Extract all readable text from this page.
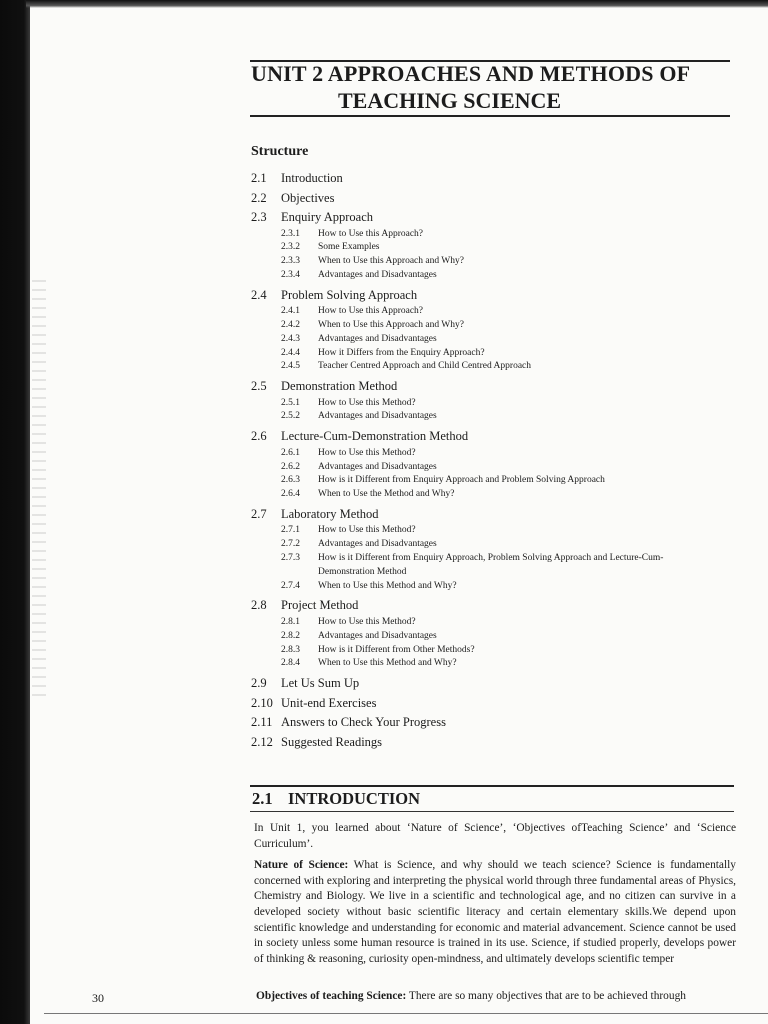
UNIT 2 APPROACHES AND METHODS OF
TEACHING SCIENCE
Structure
2.1 Introduction
2.2 Objectives
2.3 Enquiry Approach
2.3.1 How to Use this Approach?
2.3.2 Some Examples
2.3.3 When to Use this Approach and Why?
2.3.4 Advantages and Disadvantages
2.4 Problem Solving Approach
2.4.1 How to Use this Approach?
2.4.2 When to Use this Approach and Why?
2.4.3 Advantages and Disadvantages
2.4.4 How it Differs from the Enquiry Approach?
2.4.5 Teacher Centred Approach and Child Centred Approach
2.5 Demonstration Method
2.5.1 How to Use this Method?
2.5.2 Advantages and Disadvantages
2.6 Lecture-Cum-Demonstration Method
2.6.1 How to Use this Method?
2.6.2 Advantages and Disadvantages
2.6.3 How is it Different from Enquiry Approach and Problem Solving Approach
2.6.4 When to Use the Method and Why?
2.7 Laboratory Method
2.7.1 How to Use this Method?
2.7.2 Advantages and Disadvantages
2.7.3 How is it Different from Enquiry Approach, Problem Solving Approach and Lecture-Cum-
Demonstration Method
2.7.4 When to Use this Method and Why?
2.8 Project Method
2.8.1 How to Use this Method?
2.8.2 Advantages and Disadvantages
2.8.3 How is it Different from Other Methods?
2.8.4 When to Use this Method and Why?
2.9 Let Us Sum Up
2.10 Unit-end Exercises
2.11 Answers to Check Your Progress
2.12 Suggested Readings
2.1 INTRODUCTION

In Unit 1, you learned about ‘Nature of Science’, ‘Objectives ofTeaching Science’ and ‘Science Curriculum’.

Nature of Science: What is Science, and why should we teach science? Science is fundamentally concerned with exploring and interpreting the physical world through three fundamental areas of Physics, Chemistry and Biology. We live in a scientific and technological age, and no citizen can survive in a developed society without basic scientific literacy and certain elementary skills.We depend upon scientific knowledge and understanding for economic and material advancement. Science cannot be used in society unless some human resource is trained in its use. Science, if studied properly, develops power of thinking & reasoning, curiosity open-mindness, and ultimately develops scientific temper

30	Objectives of teaching Science: There are so many objectives that are to be achieved through
